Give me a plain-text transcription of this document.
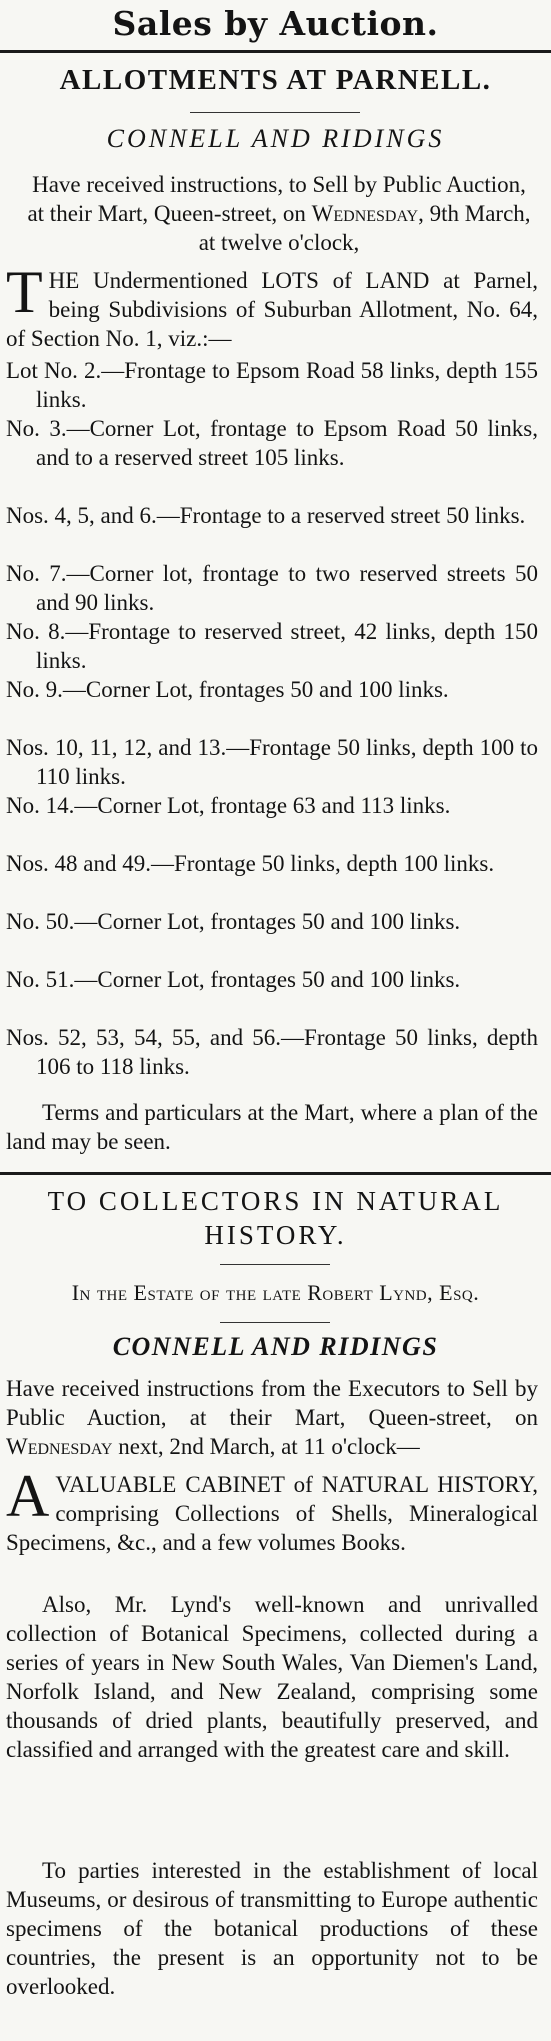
Sales by Auction.
ALLOTMENTS AT PARNELL.
CONNELL AND RIDINGS

Have received instructions, to Sell by Public Auction, at their Mart, Queen-street, on Wednesday, 9th March, at twelve o'clock,

THE Undermentioned LOTS of LAND at Parnel, being Subdivisions of Suburban Allotment, No. 64, of Section No. 1, viz.:—

Lot No. 2.—Frontage to Epsom Road 58 links, depth 155 links.
No. 3.—Corner Lot, frontage to Epsom Road 50 links, and to a reserved street 105 links.
Nos. 4, 5, and 6.—Frontage to a reserved street 50 links.
No. 7.—Corner lot, frontage to two reserved streets 50 and 90 links.
No. 8.—Frontage to reserved street, 42 links, depth 150 links.
No. 9.—Corner Lot, frontages 50 and 100 links.
Nos. 10, 11, 12, and 13.—Frontage 50 links, depth 100 to 110 links.
No. 14.—Corner Lot, frontage 63 and 113 links.
Nos. 48 and 49.—Frontage 50 links, depth 100 links.
No. 50.—Corner Lot, frontages 50 and 100 links.
No. 51.—Corner Lot, frontages 50 and 100 links.
Nos. 52, 53, 54, 55, and 56.—Frontage 50 links, depth 106 to 118 links.

Terms and particulars at the Mart, where a plan of the land may be seen.

TO COLLECTORS IN NATURAL
HISTORY.
In the Estate of the late Robert Lynd, Esq.
CONNELL AND RIDINGS

Have received instructions from the Executors to Sell by Public Auction, at their Mart, Queen-street, on Wednesday next, 2nd March, at 11 o'clock—

A VALUABLE CABINET of NATURAL HISTORY, comprising Collections of Shells, Mineralogical Specimens, &c., and a few volumes Books.

Also, Mr. Lynd's well-known and unrivalled collection of Botanical Specimens, collected during a series of years in New South Wales, Van Diemen's Land, Norfolk Island, and New Zealand, comprising some thousands of dried plants, beautifully preserved, and classified and arranged with the greatest care and skill.

To parties interested in the establishment of local Museums, or desirous of transmitting to Europe authentic specimens of the botanical productions of these countries, the present is an opportunity not to be overlooked.
